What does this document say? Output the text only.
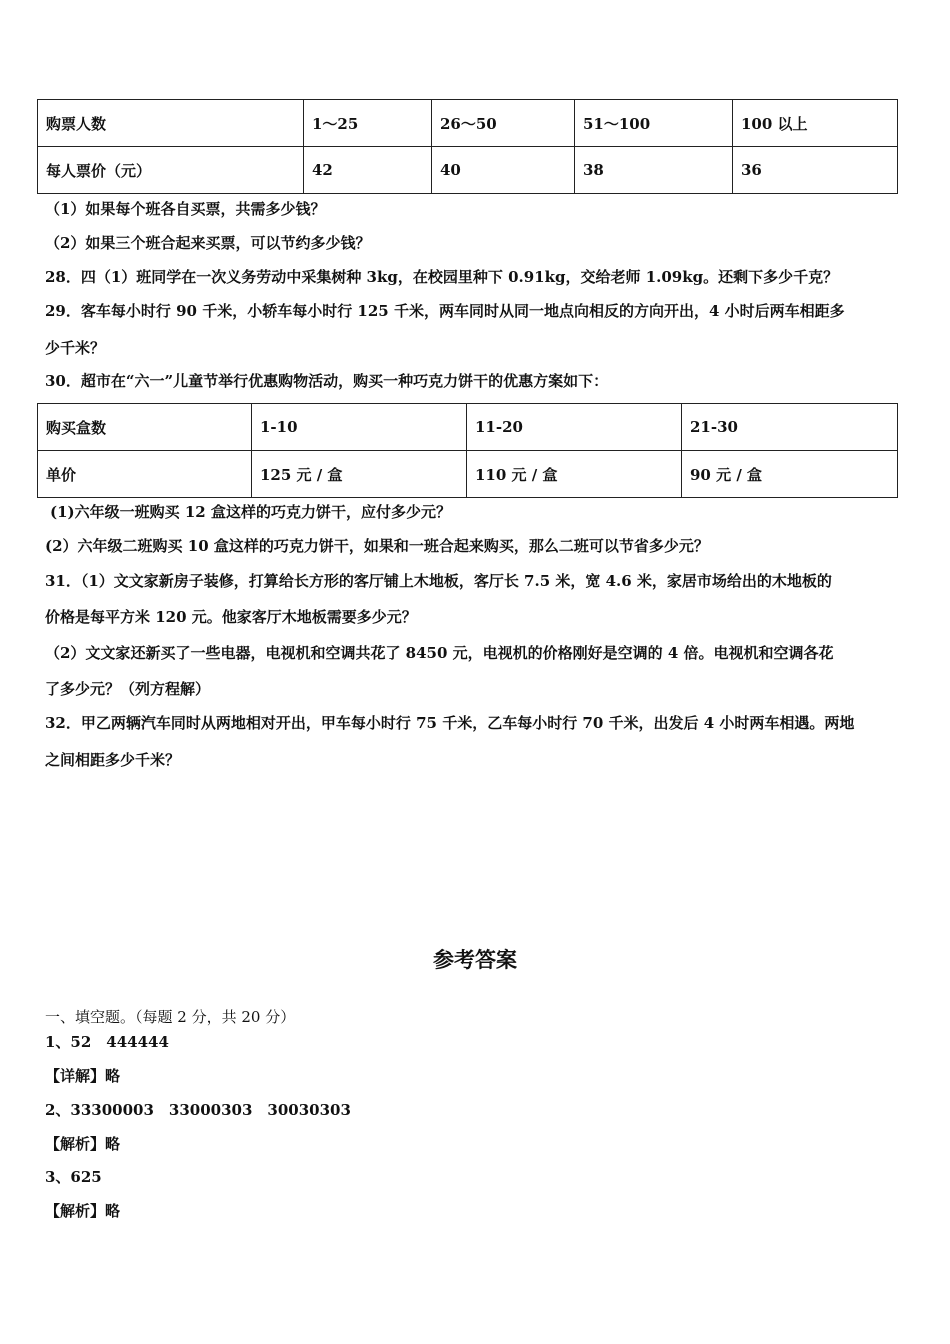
购票人数	1～25	26～50	51～100	100 以上
每人票价（元）	42	40	38	36
（1）如果每个班各自买票，共需多少钱？
（2）如果三个班合起来买票，可以节约多少钱？
28．四（1）班同学在一次义务劳动中采集树种 3kg，在校园里种下 0.91kg，交给老师 1.09kg。还剩下多少千克？
29．客车每小时行 90 千米，小轿车每小时行 125 千米，两车同时从同一地点向相反的方向开出，4 小时后两车相距多
少千米？
30．超市在“六一”儿童节举行优惠购物活动，购买一种巧克力饼干的优惠方案如下：
购买盒数	1-10	11-20	21-30
单价	125 元 / 盒	110 元 / 盒	90 元 / 盒
(1)六年级一班购买 12 盒这样的巧克力饼干，应付多少元？
(2）六年级二班购买 10 盒这样的巧克力饼干，如果和一班合起来购买，那么二班可以节省多少元？
31．（1）文文家新房子装修，打算给长方形的客厅铺上木地板，客厅长 7.5 米，宽 4.6 米，家居市场给出的木地板的
价格是每平方米 120 元。他家客厅木地板需要多少元？
（2）文文家还新买了一些电器，电视机和空调共花了 8450 元，电视机的价格刚好是空调的 4 倍。电视机和空调各花
了多少元？（列方程解）
32．甲乙两辆汽车同时从两地相对开出，甲车每小时行 75 千米，乙车每小时行 70 千米，出发后 4 小时两车相遇。两地
之间相距多少千米？
参考答案
一、填空题。（每题 2 分，共 20 分）
1、52　444444
【详解】略
2、33300003　33000303　30030303
【解析】略
3、625
【解析】略
